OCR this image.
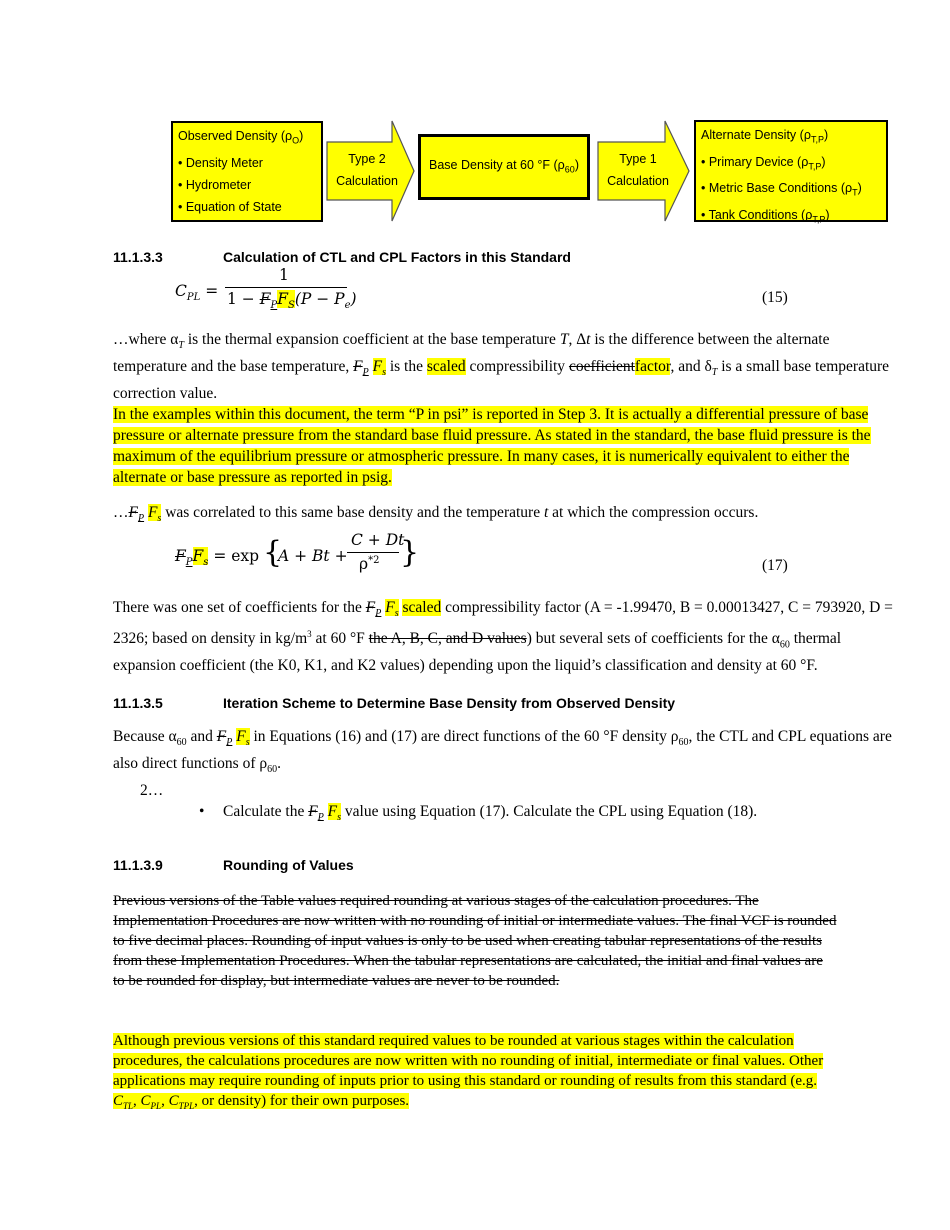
Observed Density $(\rho_O)$
• Density Meter
• Hydrometer
• Equation of State
Type 2
Calculation
Base Density at 60 °F $(\rho_{60})$	Type 1
Calculation
Alternate Density $(\rho_{T,P})$
• Primary Device $(\rho_{T,P})$
• Metric Base Conditions $(\rho_T)$
• Tank Conditions $(\rho_{T,P})$
11.1.3.3	Calculation of CTL and CPL Factors in this Standard
$C_{PL}$ =
1
$1 - F_PF_S(P - P_e)$	(15)

…where $\alpha_T$ is the thermal expansion coefficient at the base temperature T, Δt is the difference between the alternate temperature and the base temperature, $F_P$ $F_s$ is the scaled compressibility coefficientfactor, and $\delta_T$ is a small base temperature correction value.

In the examples within this document, the term “P in psi” is reported in Step 3. It is actually a differential pressure of base pressure or alternate pressure from the standard base fluid pressure. As stated in the standard, the base fluid pressure is the maximum of the equilibrium pressure or atmospheric pressure. In many cases, it is numerically equivalent to either the alternate or base pressure as reported in psig.

$\dots F_P$ $F_s$ was correlated to this same base density and the temperature t at which the compression occurs.

$F_PF_s = \exp$ {
A + Bt +
C + Dt
$\rho^{*2}$ }	(17)

There was one set of coefficients for the $F_P$ $F_s$ scaled compressibility factor (A = -1.99470, B = 0.00013427, C = 793920, D = 2326; based on density in $kg/m^3$ at 60 °F the A, B, C, and D values) but several sets of coefficients for the $\alpha_{60}$ thermal expansion coefficient (the K0, K1, and K2 values) depending upon the liquid’s classification and density at 60 °F.

11.1.3.5	Iteration Scheme to Determine Base Density from Observed Density

Because $\alpha_{60}$ and $F_P$ $F_s$ in Equations (16) and (17) are direct functions of the 60 °F density $\rho_{60}$, the CTL and CPL equations are also direct functions of $\rho_{60}$.

2…
• Calculate the $F_P$ $F_s$ value using Equation (17). Calculate the CPL using Equation (18).
11.1.3.9	Rounding of Values

Previous versions of the Table values required rounding at various stages of the calculation procedures. The Implementation Procedures are now written with no rounding of initial or intermediate values. The final VCF is rounded to five decimal places. Rounding of input values is only to be used when creating tabular representations of the results from these Implementation Procedures. When the tabular representations are calculated, the initial and final values are to be rounded for display, but intermediate values are never to be rounded.

Although previous versions of this standard required values to be rounded at various stages within the calculation procedures, the calculations procedures are now written with no rounding of initial, intermediate or final values. Other applications may require rounding of inputs prior to using this standard or rounding of results from this standard (e.g. $C_{TL}$, $C_{PL}$, $C_{TPL}$, or density) for their own purposes.
